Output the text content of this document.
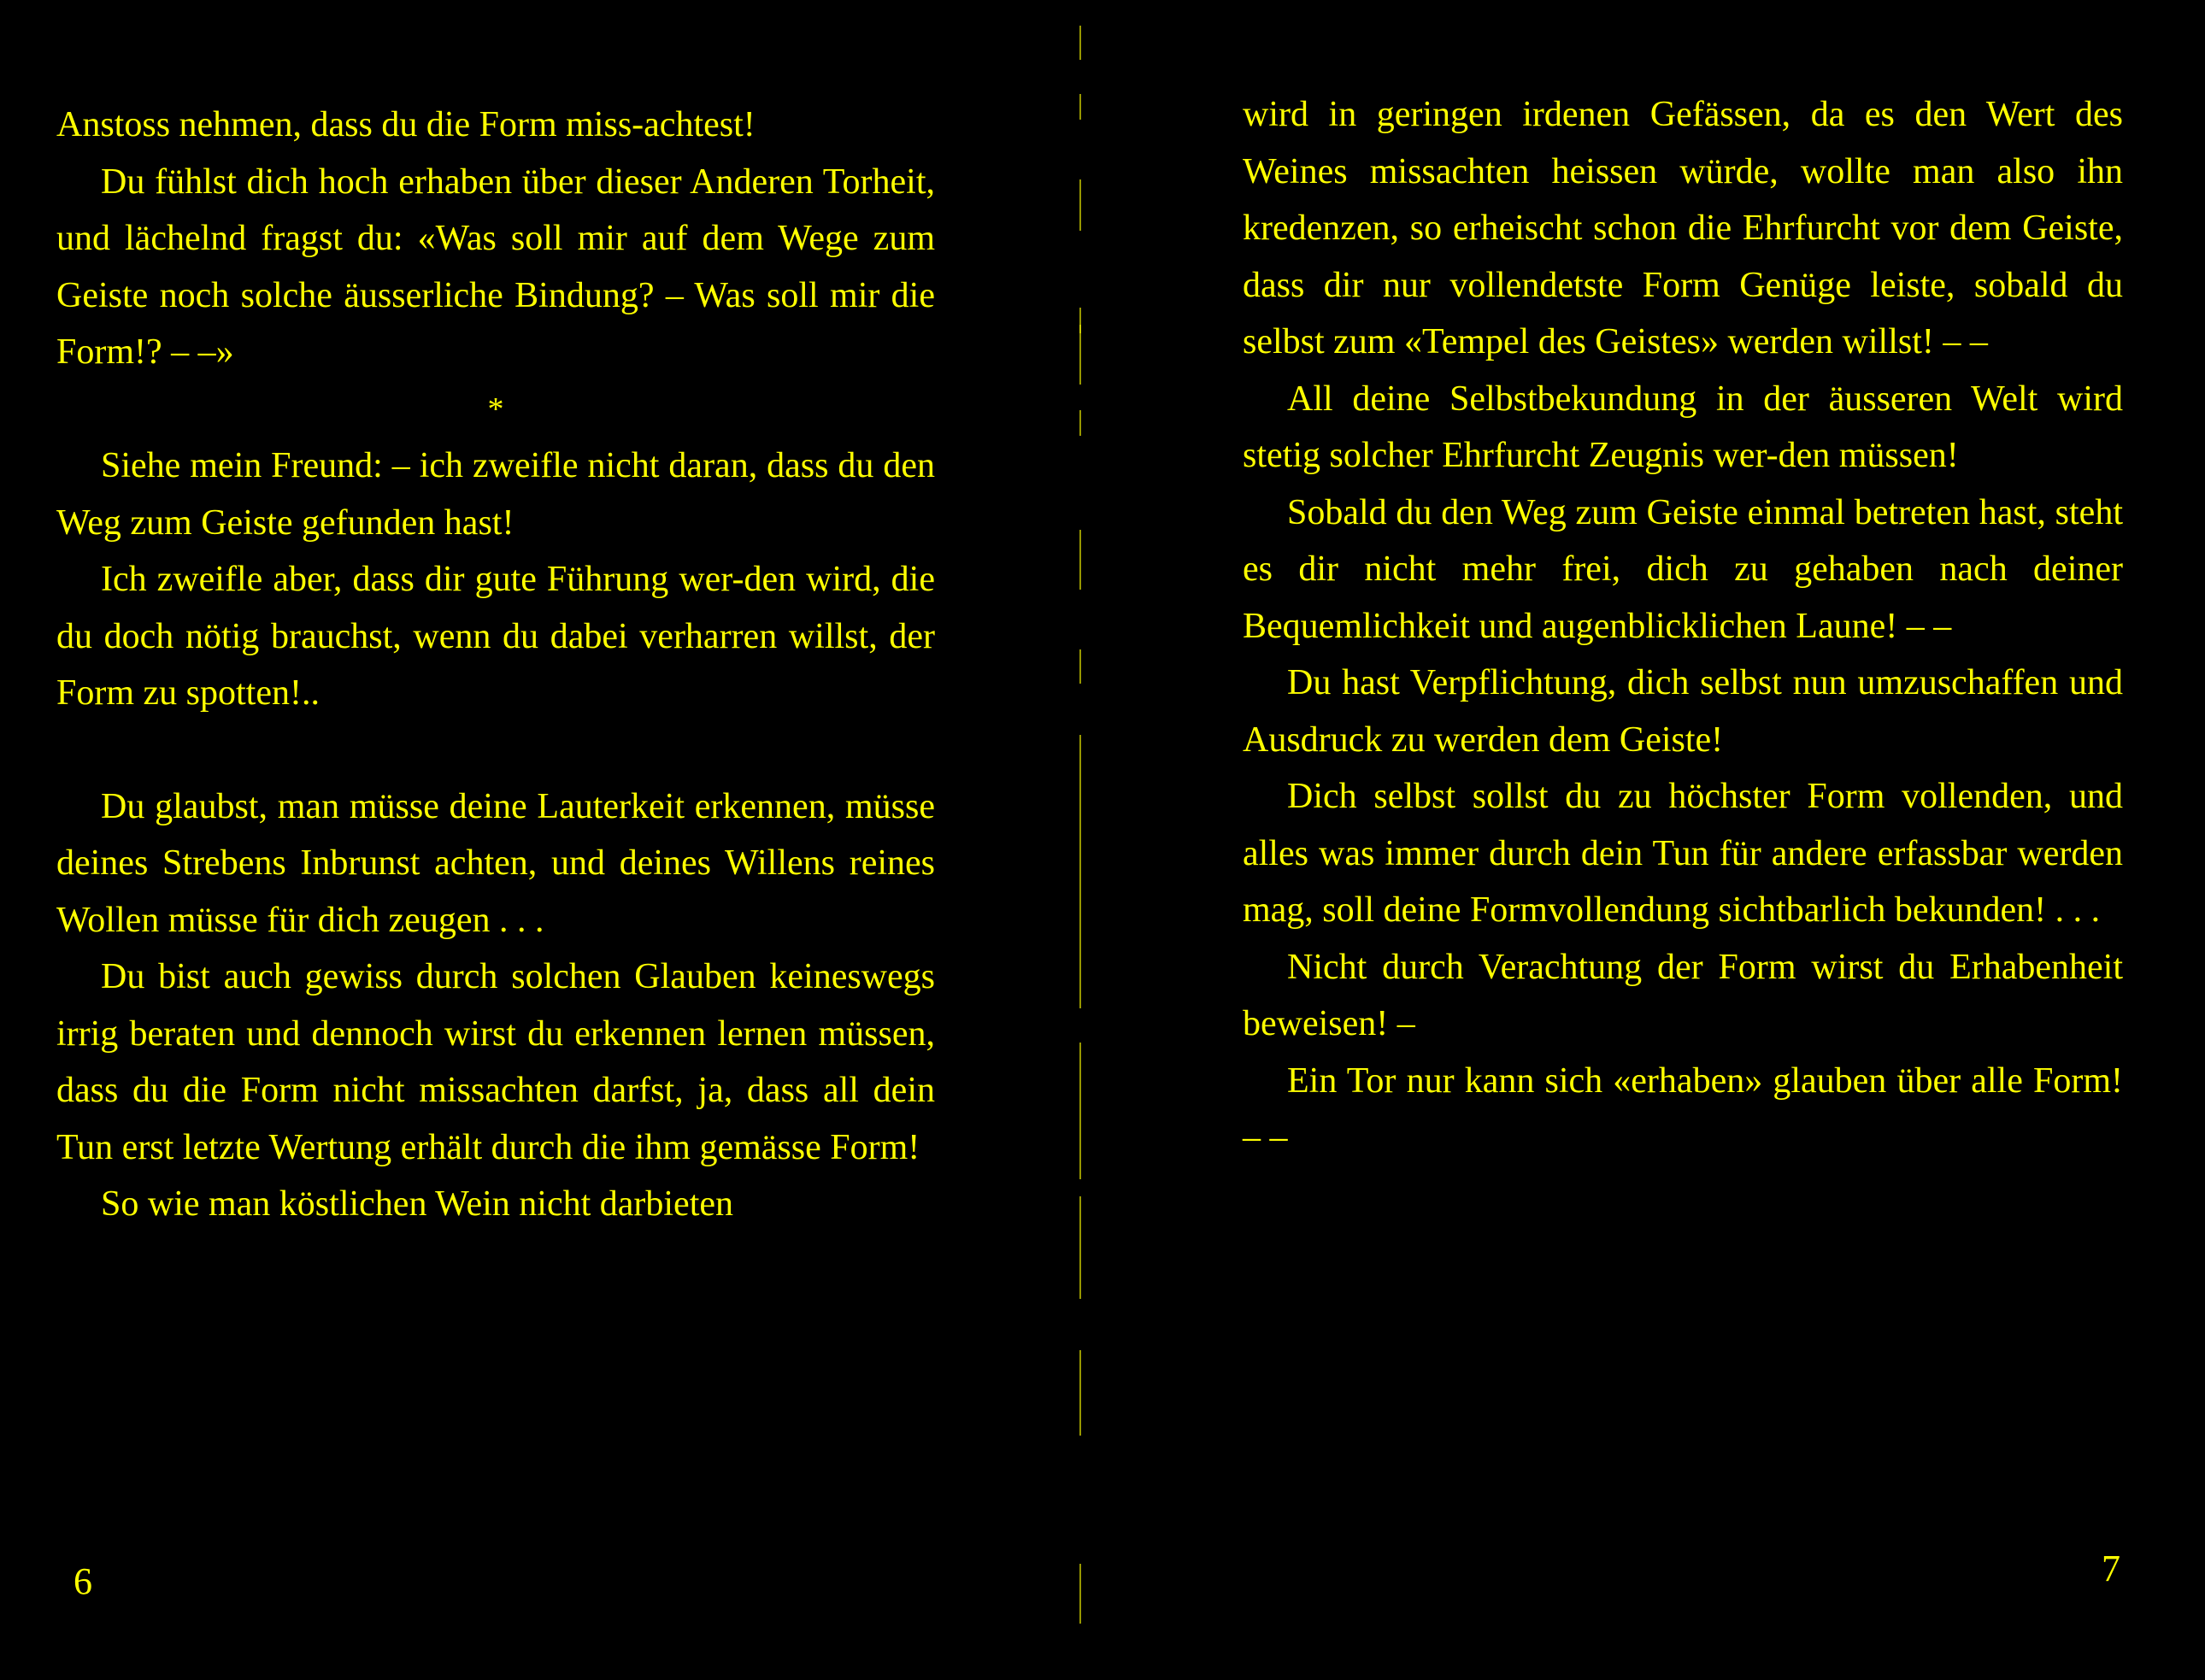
Anstoss nehmen, dass du die Form miss-achtest!

Du fühlst dich hoch erhaben über dieser Anderen Torheit, und lächelnd fragst du: «Was soll mir auf dem Wege zum Geiste noch solche äusserliche Bindung? – Was soll mir die Form!? – –»

*

Siehe mein Freund: – ich zweifle nicht daran, dass du den Weg zum Geiste gefunden hast!

Ich zweifle aber, dass dir gute Führung wer-den wird, die du doch nötig brauchst, wenn du dabei verharren willst, der Form zu spotten!..

Du glaubst, man müsse deine Lauterkeit erkennen, müsse deines Strebens Inbrunst achten, und deines Willens reines Wollen müsse für dich zeugen . . .

Du bist auch gewiss durch solchen Glauben keineswegs irrig beraten und dennoch wirst du erkennen lernen müssen, dass du die Form nicht missachten darfst, ja, dass all dein Tun erst letzte Wertung erhält durch die ihm gemässe Form!

So wie man köstlichen Wein nicht darbieten

6

wird in geringen irdenen Gefässen, da es den Wert des Weines missachten heissen würde, wollte man also ihn kredenzen, so erheischt schon die Ehrfurcht vor dem Geiste, dass dir nur vollendetste Form Genüge leiste, sobald du selbst zum «Tempel des Geistes» werden willst! – –

All deine Selbstbekundung in der äusseren Welt wird stetig solcher Ehrfurcht Zeugnis wer-den müssen!

Sobald du den Weg zum Geiste einmal betreten hast, steht es dir nicht mehr frei, dich zu gehaben nach deiner Bequemlichkeit und augenblicklichen Laune! – –

Du hast Verpflichtung, dich selbst nun umzuschaffen und Ausdruck zu werden dem Geiste!

Dich selbst sollst du zu höchster Form vollenden, und alles was immer durch dein Tun für andere erfassbar werden mag, soll deine Formvollendung sichtbarlich bekunden! . . .

Nicht durch Verachtung der Form wirst du Erhabenheit beweisen! –

Ein Tor nur kann sich «erhaben» glauben über alle Form! – –

7
